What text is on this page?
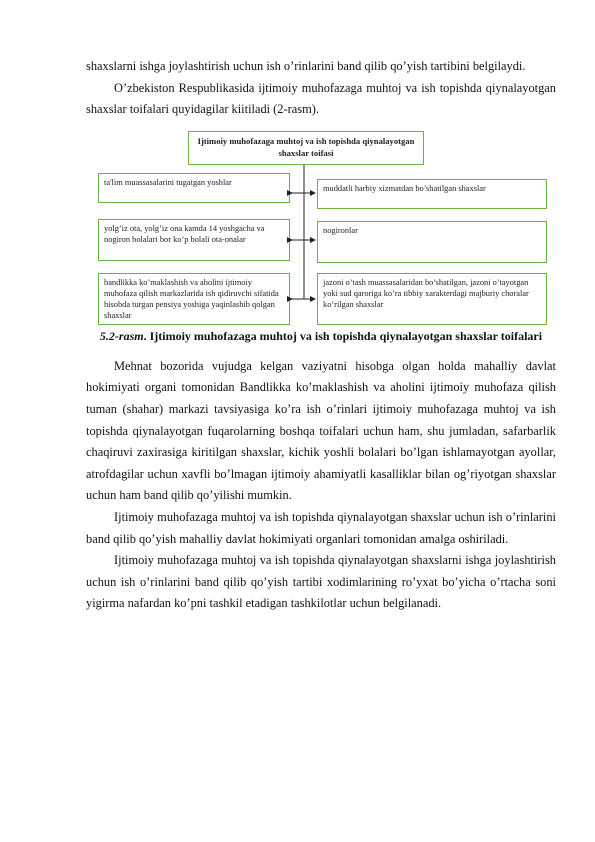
shaxslarni ishga joylashtirish uchun ish o’rinlarini band qilib qo’yish tartibini belgilaydi.

O’zbekiston Respublikasida ijtimoiy muhofazaga muhtoj va ish topishda qiynalayotgan shaxslar toifalari quyidagilar kiitiladi (2-rasm).

Ijtimoiy muhofazaga muhtoj va ish topishda qiynalayotgan shaxslar toifasi
ta'lim muassasalarini tugatgan yoshlar
yolg’iz ota, yolg’iz ona kamda 14 yoshgacha va nogiron bolalari bor ko’p bolali ota-onalar
bandlikka ko’maklashish va aholini ijtimoiy muhofaza qilish markazlarida ish qidiruvchi sifatida hisobda turgan pensiya yoshiga yaqinlashib qolgan shaxslar
muddatli harbiy xizmatdan bo’shatilgan shaxslar
nogironlar
jazoni o’tash muassasalaridan bo’shatilgan, jazoni o’tayotgan yoki sud qaroriga ko’ra tibbiy xarakterdagi majburiy choralar ko’rilgan shaxslar
5.2-rasm. Ijtimoiy muhofazaga muhtoj va ish topishda qiynalayotgan shaxslar toifalari

Mehnat bozorida vujudga kelgan vaziyatni hisobga olgan holda mahalliy davlat hokimiyati organi tomonidan Bandlikka ko’maklashish va aholini ijtimoiy muhofaza qilish tuman (shahar) markazi tavsiyasiga ko’ra ish o’rinlari ijtimoiy muhofazaga muhtoj va ish topishda qiynalayotgan fuqarolarning boshqa toifalari uchun ham, shu jumladan, safarbarlik chaqiruvi zaxirasiga kiritilgan shaxslar, kichik yoshli bolalari bo’lgan ishlamayotgan ayollar, atrofdagilar uchun xavfli bo’lmagan ijtimoiy ahamiyatli kasalliklar bilan og’riyotgan shaxslar uchun ham band qilib qo’yilishi mumkin.

Ijtimoiy muhofazaga muhtoj va ish topishda qiynalayotgan shaxslar uchun ish o’rinlarini band qilib qo’yish mahalliy davlat hokimiyati organlari tomonidan amalga oshiriladi.

Ijtimoiy muhofazaga muhtoj va ish topishda qiynalayotgan shaxslarni ishga joylashtirish uchun ish o’rinlarini band qilib qo’yish tartibi xodimlarining ro’yxat bo’yicha o’rtacha soni yigirma nafardan ko’pni tashkil etadigan tashkilotlar uchun belgilanadi.
